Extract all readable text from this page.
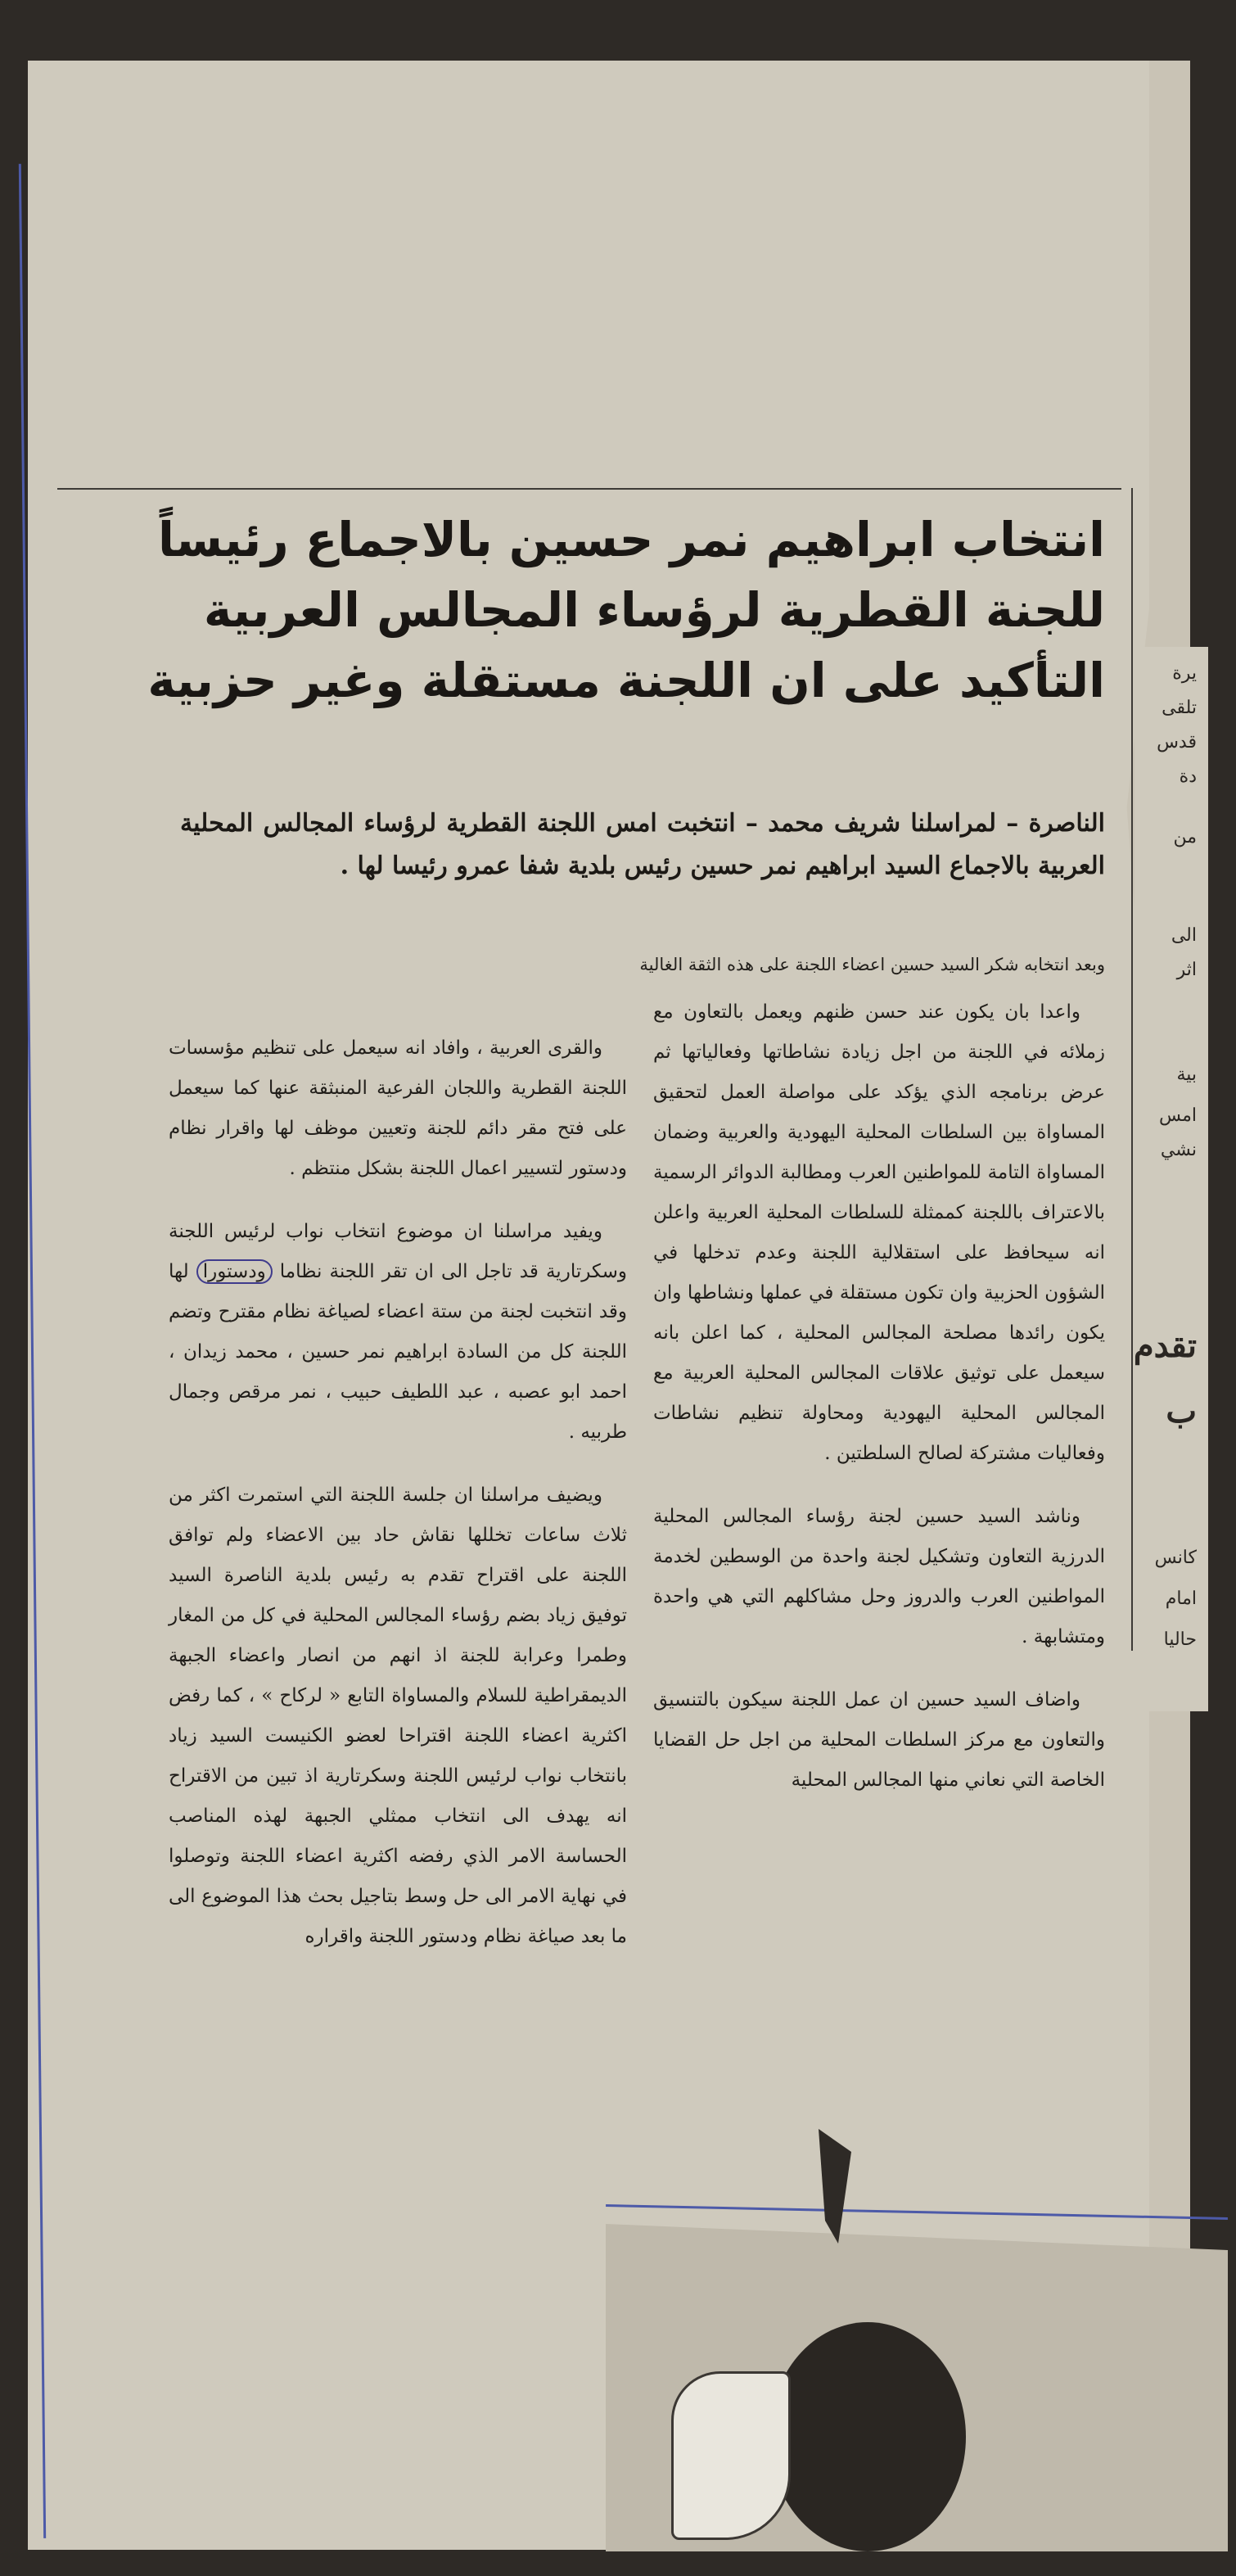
يرة
تلقى
قدس
دة
من
الى
اثر
بية
امس
نشي
تقدم
ب
كانس
امام
حاليا
انتخاب ابراهيم نمر حسين بالاجماع رئيساً
للجنة القطرية لرؤساء المجالس العربية
التأكيد على ان اللجنة مستقلة وغير حزبية
الناصرة – لمراسلنا شريف محمد – انتخبت امس اللجنة القطرية لرؤساء المجالس المحلية العربية بالاجماع السيد ابراهيم نمر حسين رئيس بلدية شفا عمرو رئيسا لها .
وبعد انتخابه شكر السيد حسين اعضاء اللجنة على هذه الثقة الغالية

واعدا بان يكون عند حسن ظنهم ويعمل بالتعاون مع زملائه في اللجنة من اجل زيادة نشاطاتها وفعالياتها ثم عرض برنامجه الذي يؤكد على مواصلة العمل لتحقيق المساواة بين السلطات المحلية اليهودية والعربية وضمان المساواة التامة للمواطنين العرب ومطالبة الدوائر الرسمية بالاعتراف باللجنة كممثلة للسلطات المحلية العربية واعلن انه سيحافظ على استقلالية اللجنة وعدم تدخلها في الشؤون الحزبية وان تكون مستقلة في عملها ونشاطها وان يكون رائدها مصلحة المجالس المحلية ، كما اعلن بانه سيعمل على توثيق علاقات المجالس المحلية العربية مع المجالس المحلية اليهودية ومحاولة تنظيم نشاطات وفعاليات مشتركة لصالح السلطتين .

وناشد السيد حسين لجنة رؤساء المجالس المحلية الدرزية التعاون وتشكيل لجنة واحدة من الوسطين لخدمة المواطنين العرب والدروز وحل مشاكلهم التي هي واحدة ومتشابهة .

واضاف السيد حسين ان عمل اللجنة سيكون بالتنسيق والتعاون مع مركز السلطات المحلية من اجل حل القضايا الخاصة التي نعاني منها المجالس المحلية

والقرى العربية ، وافاد انه سيعمل على تنظيم مؤسسات اللجنة القطرية واللجان الفرعية المنبثقة عنها كما سيعمل على فتح مقر دائم للجنة وتعيين موظف لها واقرار نظام ودستور لتسيير اعمال اللجنة بشكل منتظم .

ويفيد مراسلنا ان موضوع انتخاب نواب لرئيس اللجنة وسكرتارية قد تاجل الى ان تقر اللجنة نظاما ودستورا لها وقد انتخبت لجنة من ستة اعضاء لصياغة نظام مقترح وتضم اللجنة كل من السادة ابراهيم نمر حسين ، محمد زيدان ، احمد ابو عصبه ، عبد اللطيف حبيب ، نمر مرقص وجمال طربيه .

ويضيف مراسلنا ان جلسة اللجنة التي استمرت اكثر من ثلاث ساعات تخللها نقاش حاد بين الاعضاء ولم توافق اللجنة على اقتراح تقدم به رئيس بلدية الناصرة السيد توفيق زياد بضم رؤساء المجالس المحلية في كل من المغار وطمرا وعرابة للجنة اذ انهم من انصار واعضاء الجبهة الديمقراطية للسلام والمساواة التابع « لركاح » ، كما رفض اكثرية اعضاء اللجنة اقتراحا لعضو الكنيست السيد زياد بانتخاب نواب لرئيس اللجنة وسكرتارية اذ تبين من الاقتراح انه يهدف الى انتخاب ممثلي الجبهة لهذه المناصب الحساسة الامر الذي رفضه اكثرية اعضاء اللجنة وتوصلوا في نهاية الامر الى حل وسط بتاجيل بحث هذا الموضوع الى ما بعد صياغة نظام ودستور اللجنة واقراره
